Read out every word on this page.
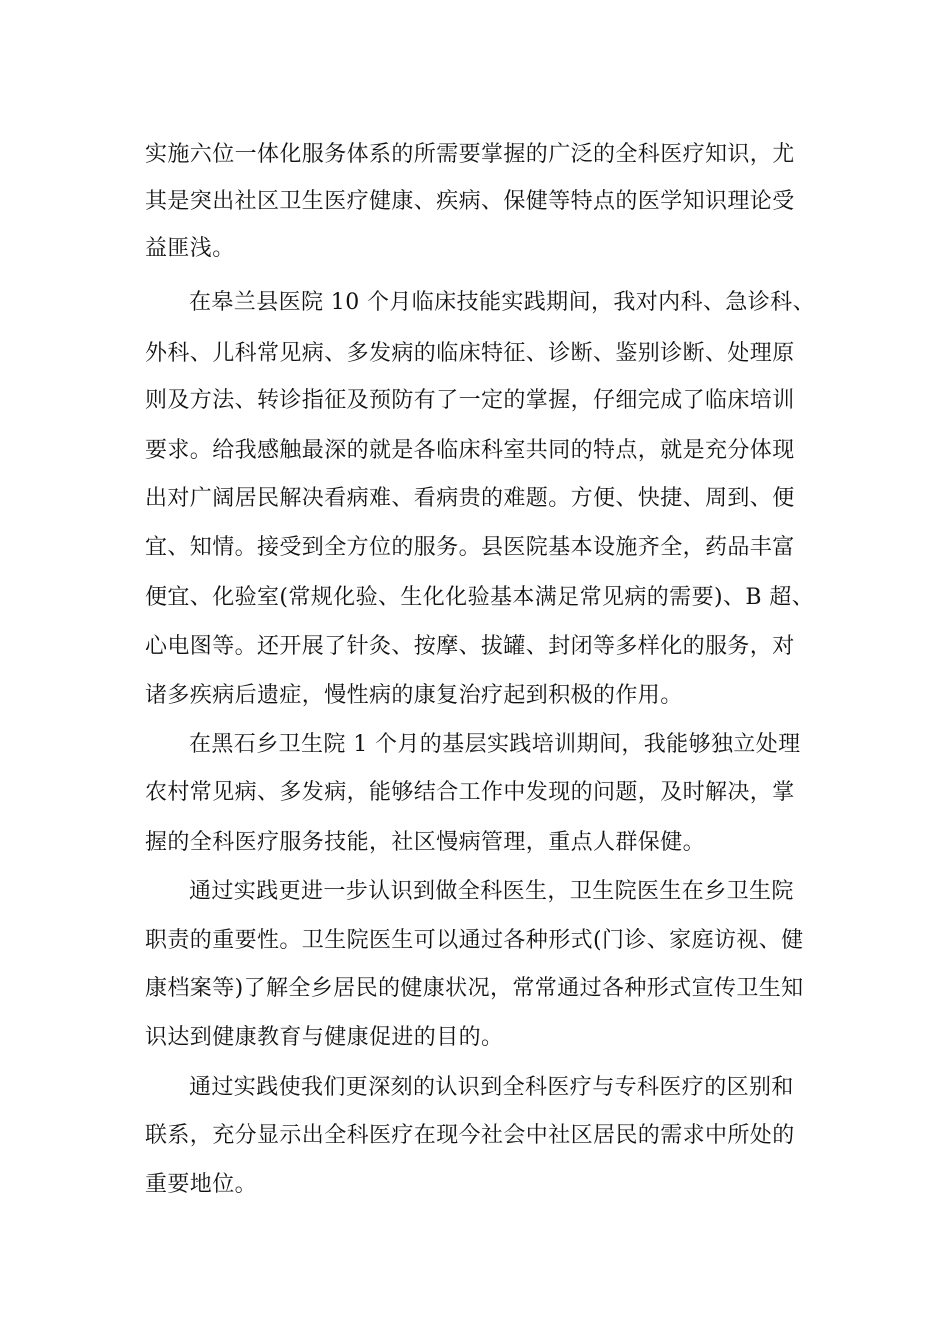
实施六位一体化服务体系的所需要掌握的广泛的全科医疗知识，尤
其是突出社区卫生医疗健康、疾病、保健等特点的医学知识理论受
益匪浅。
在皋兰县医院 10 个月临床技能实践期间，我对内科、急诊科、
外科、儿科常见病、多发病的临床特征、诊断、鉴别诊断、处理原
则及方法、转诊指征及预防有了一定的掌握，仔细完成了临床培训
要求。给我感触最深的就是各临床科室共同的特点，就是充分体现
出对广阔居民解决看病难、看病贵的难题。方便、快捷、周到、便
宜、知情。接受到全方位的服务。县医院基本设施齐全，药品丰富
便宜、化验室(常规化验、生化化验基本满足常见病的需要)、B 超、
心电图等。还开展了针灸、按摩、拔罐、封闭等多样化的服务，对
诸多疾病后遗症，慢性病的康复治疗起到积极的作用。
在黑石乡卫生院 1 个月的基层实践培训期间，我能够独立处理
农村常见病、多发病，能够结合工作中发现的问题，及时解决，掌
握的全科医疗服务技能，社区慢病管理，重点人群保健。
通过实践更进一步认识到做全科医生，卫生院医生在乡卫生院
职责的重要性。卫生院医生可以通过各种形式(门诊、家庭访视、健
康档案等)了解全乡居民的健康状况，常常通过各种形式宣传卫生知
识达到健康教育与健康促进的目的。
通过实践使我们更深刻的认识到全科医疗与专科医疗的区别和
联系，充分显示出全科医疗在现今社会中社区居民的需求中所处的
重要地位。
